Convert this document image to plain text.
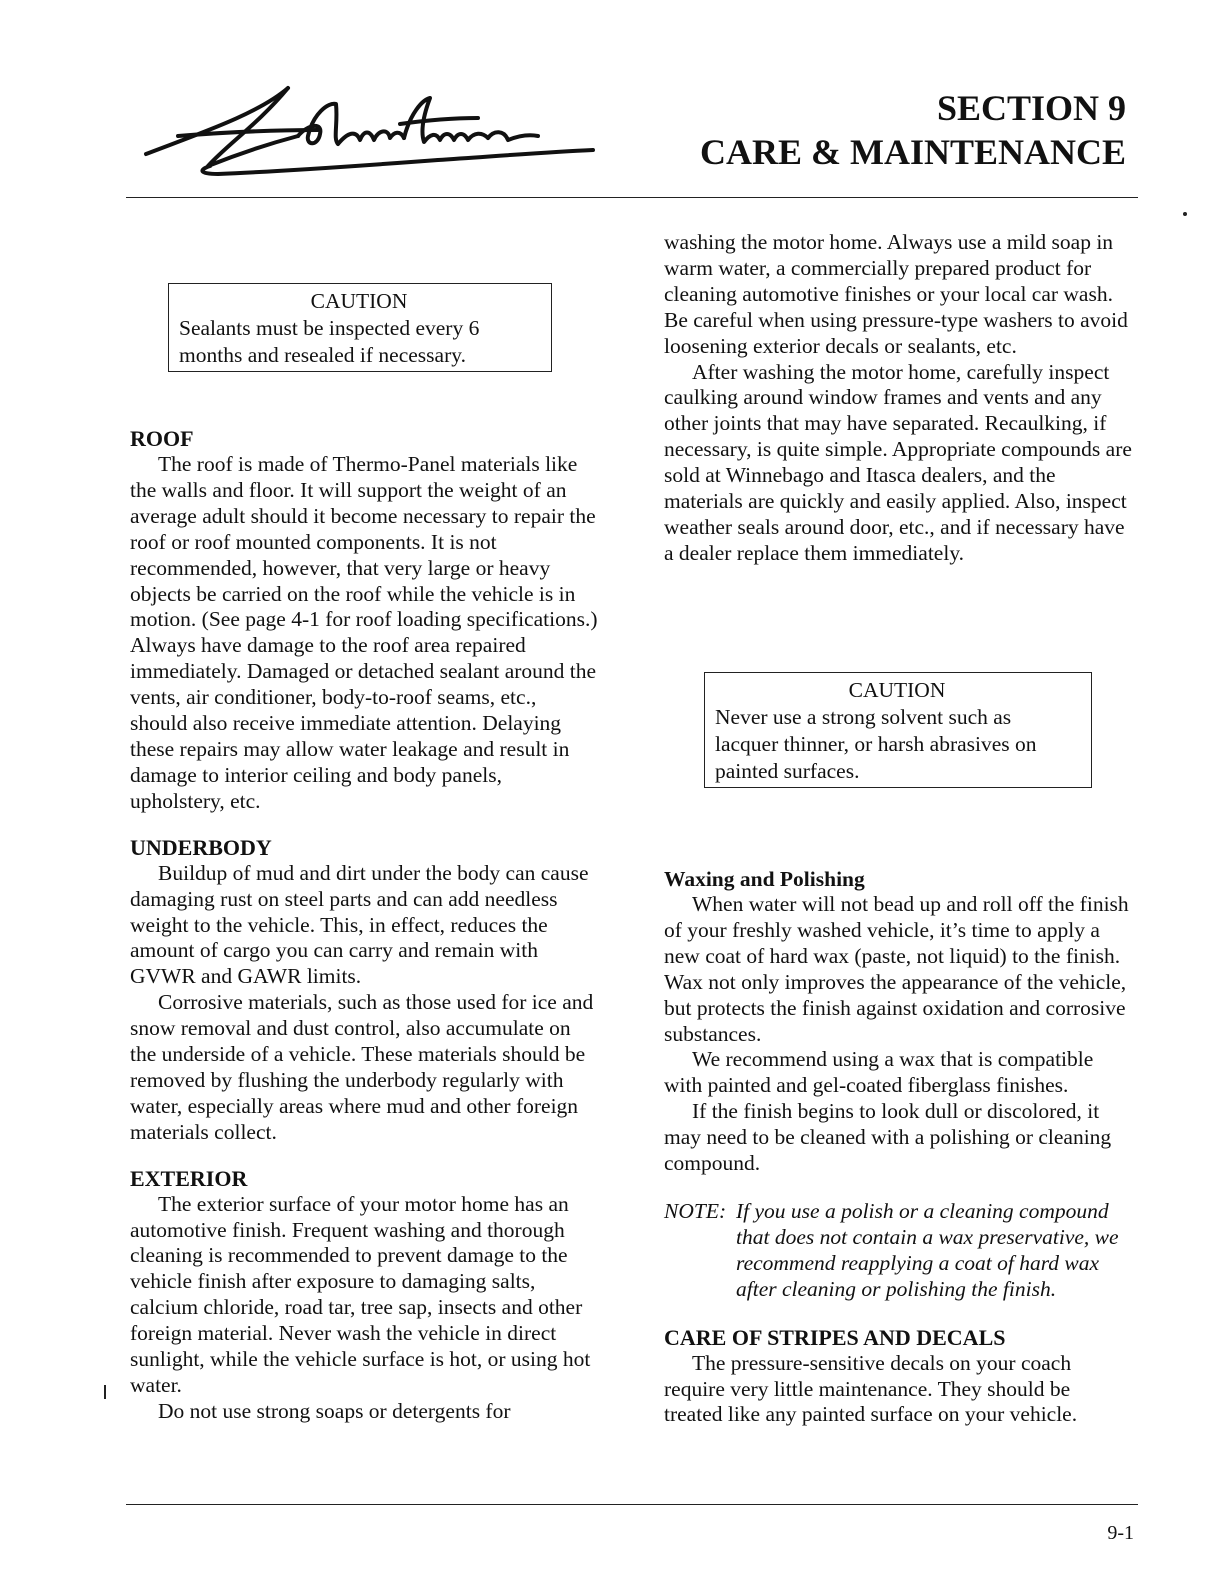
SECTION 9
CARE & MAINTENANCE
CAUTION
Sealants must be inspected every 6 months and resealed if necessary.
ROOF

The roof is made of Thermo-Panel materials like the walls and floor. It will support the weight of an average adult should it become necessary to repair the roof or roof mounted components. It is not recommended, however, that very large or heavy objects be carried on the roof while the vehicle is in motion. (See page 4-1 for roof loading specifications.) Always have damage to the roof area repaired immediately. Damaged or detached sealant around the vents, air conditioner, body-to-roof seams, etc., should also receive immediate attention. Delaying these repairs may allow water leakage and result in damage to interior ceiling and body panels, upholstery, etc.

UNDERBODY

Buildup of mud and dirt under the body can cause damaging rust on steel parts and can add needless weight to the vehicle. This, in effect, reduces the amount of cargo you can carry and remain with GVWR and GAWR limits.

Corrosive materials, such as those used for ice and snow removal and dust control, also accumulate on the underside of a vehicle. These materials should be removed by flushing the underbody regularly with water, especially areas where mud and other foreign materials collect.

EXTERIOR

The exterior surface of your motor home has an automotive finish. Frequent washing and thorough cleaning is recommended to prevent damage to the vehicle finish after exposure to damaging salts, calcium chloride, road tar, tree sap, insects and other foreign material. Never wash the vehicle in direct sunlight, while the vehicle surface is hot, or using hot water.

Do not use strong soaps or detergents for

washing the motor home. Always use a mild soap in warm water, a commercially prepared product for cleaning automotive finishes or your local car wash. Be careful when using pressure-type washers to avoid loosening exterior decals or sealants, etc.

After washing the motor home, carefully inspect caulking around window frames and vents and any other joints that may have separated. Recaulking, if necessary, is quite simple. Appropriate compounds are sold at Winnebago and Itasca dealers, and the materials are quickly and easily applied. Also, inspect weather seals around door, etc., and if necessary have a dealer replace them immediately.

CAUTION
Never use a strong solvent such as lacquer thinner, or harsh abrasives on painted surfaces.
Waxing and Polishing

When water will not bead up and roll off the finish of your freshly washed vehicle, it’s time to apply a new coat of hard wax (paste, not liquid) to the finish. Wax not only improves the appearance of the vehicle, but protects the finish against oxidation and corrosive substances.

We recommend using a wax that is compatible with painted and gel-coated fiberglass finishes.

If the finish begins to look dull or discolored, it may need to be cleaned with a polishing or cleaning compound.

NOTE: If you use a polish or a cleaning compound that does not contain a wax preservative, we recommend reapplying a coat of hard wax after cleaning or polishing the finish.
CARE OF STRIPES AND DECALS

The pressure-sensitive decals on your coach require very little maintenance. They should be treated like any painted surface on your vehicle.

9-1
